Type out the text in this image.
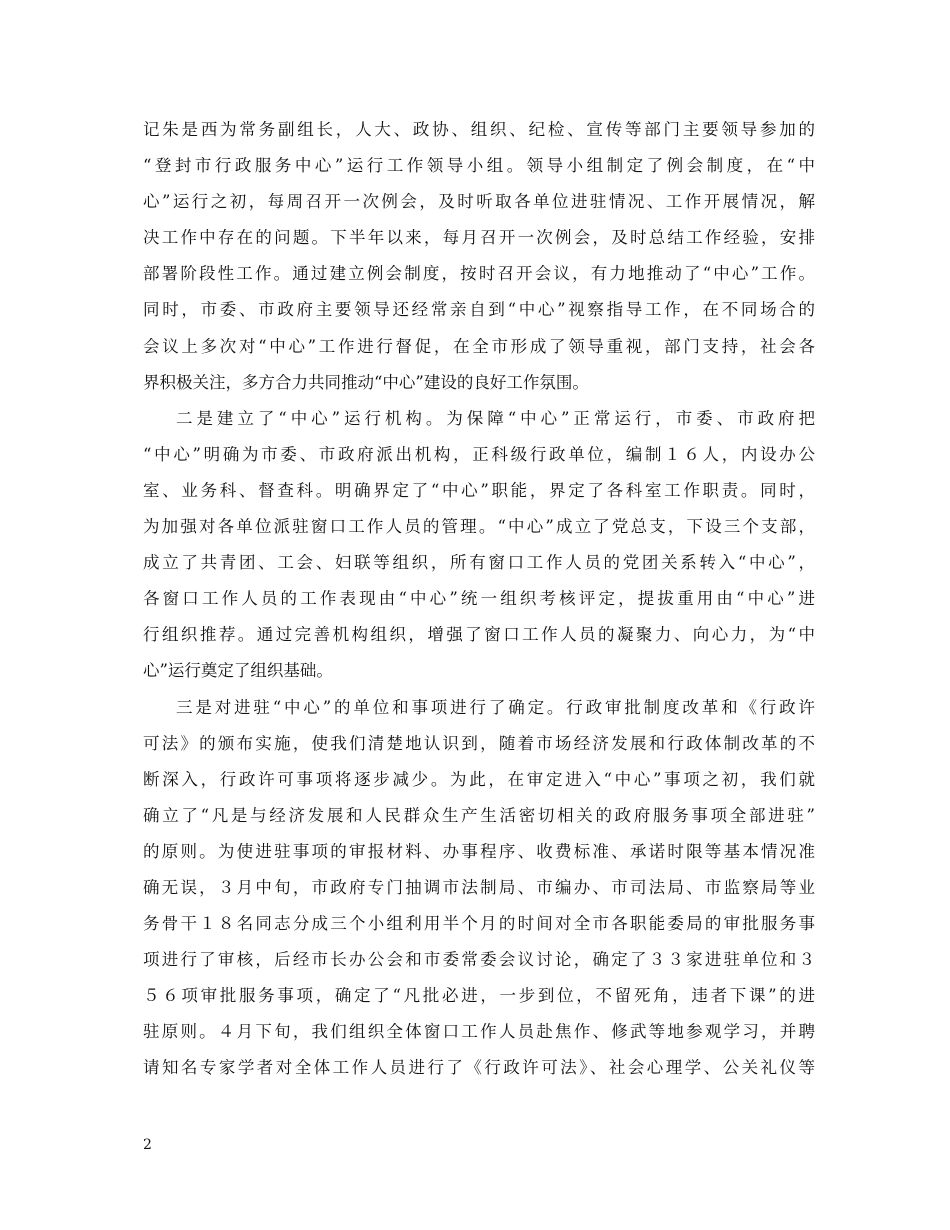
记朱是西为常务副组长，人大、政协、组织、纪检、宣传等部门主要领导参加的
“登封市行政服务中心”运行工作领导小组。领导小组制定了例会制度，在“中
心”运行之初，每周召开一次例会，及时听取各单位进驻情况、工作开展情况，解
决工作中存在的问题。下半年以来，每月召开一次例会，及时总结工作经验，安排
部署阶段性工作。通过建立例会制度，按时召开会议，有力地推动了“中心”工作。
同时，市委、市政府主要领导还经常亲自到“中心”视察指导工作，在不同场合的
会议上多次对“中心”工作进行督促，在全市形成了领导重视，部门支持，社会各
界积极关注，多方合力共同推动“中心”建设的良好工作氛围。
二是建立了“中心”运行机构。为保障“中心”正常运行，市委、市政府把
“中心”明确为市委、市政府派出机构，正科级行政单位，编制１６人，内设办公
室、业务科、督查科。明确界定了“中心”职能，界定了各科室工作职责。同时，
为加强对各单位派驻窗口工作人员的管理。“中心”成立了党总支，下设三个支部，
成立了共青团、工会、妇联等组织，所有窗口工作人员的党团关系转入“中心”，
各窗口工作人员的工作表现由“中心”统一组织考核评定，提拔重用由“中心”进
行组织推荐。通过完善机构组织，增强了窗口工作人员的凝聚力、向心力，为“中
心”运行奠定了组织基础。
三是对进驻“中心”的单位和事项进行了确定。行政审批制度改革和《行政许
可法》的颁布实施，使我们清楚地认识到，随着市场经济发展和行政体制改革的不
断深入，行政许可事项将逐步减少。为此，在审定进入“中心”事项之初，我们就
确立了“凡是与经济发展和人民群众生产生活密切相关的政府服务事项全部进驻”
的原则。为使进驻事项的审报材料、办事程序、收费标准、承诺时限等基本情况准
确无误，３月中旬，市政府专门抽调市法制局、市编办、市司法局、市监察局等业
务骨干１８名同志分成三个小组利用半个月的时间对全市各职能委局的审批服务事
项进行了审核，后经市长办公会和市委常委会议讨论，确定了３３家进驻单位和３
５６项审批服务事项，确定了“凡批必进，一步到位，不留死角，违者下课”的进
驻原则。４月下旬，我们组织全体窗口工作人员赴焦作、修武等地参观学习，并聘
请知名专家学者对全体工作人员进行了《行政许可法》、社会心理学、公关礼仪等
2
